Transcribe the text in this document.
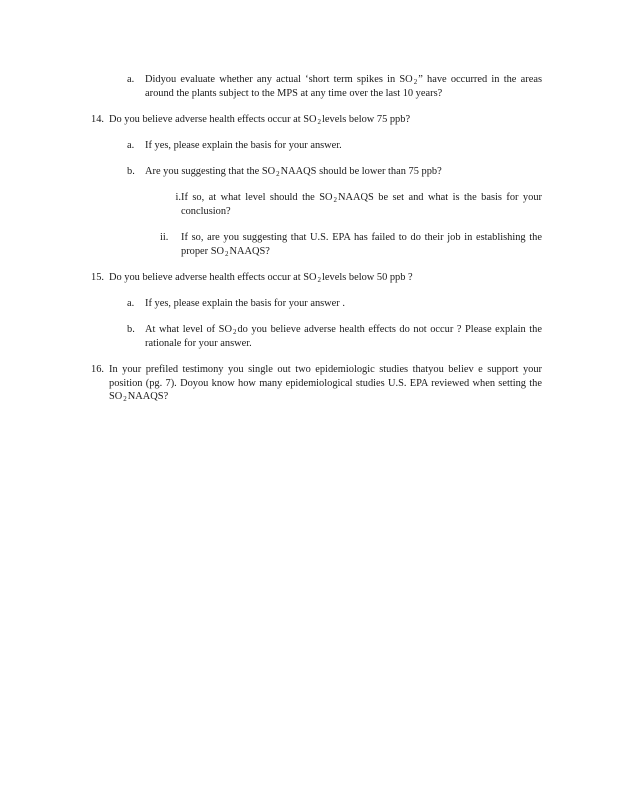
a.	Didyou evaluate whether any actual ‘short term spikes in $SO_2$” have occurred in the areas around the plants subject to the MPS at any time over the last 10 years?
14. Do you believe adverse health effects occur at $SO_2levels$ below 75 ppb?
a.	If yes, please explain the basis for your answer.
b. Are you suggesting that the $SO_2NAAQS$ should be lower than 75 ppb?
i. If so, at what level should the $SO_2NAAQS$ be set and what is the basis for your conclusion?
ii.	If so, are you suggesting that U.S. EPA has failed to do their job in establishing the proper $SO_2NAAQS$?
15. Do you believe adverse health effects occur at $SO_2levels$ below 50 ppb ?
a.	If yes, please explain the basis for your answer .
b. At what level of $SO_2do$ you believe adverse health effects do not occur ? Please explain the rationale for your answer.
16. In your prefiled testimony you single out two epidemiologic studies thatyou believ e support your position (pg. 7). Doyou know how many epidemiological studies U.S. EPA reviewed when setting the $SO_2NAAQS$?
